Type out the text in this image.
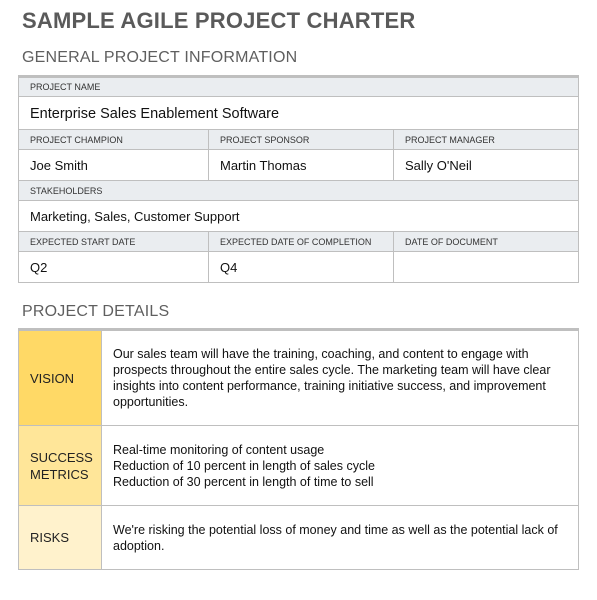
SAMPLE AGILE PROJECT CHARTER
GENERAL PROJECT INFORMATION
PROJECT NAME		
Enterprise Sales Enablement Software		
PROJECT CHAMPION	PROJECT SPONSOR	PROJECT MANAGER
Joe Smith	Martin Thomas	Sally O'Neil
STAKEHOLDERS		
Marketing, Sales, Customer Support		
EXPECTED START DATE	EXPECTED DATE OF COMPLETION	DATE OF DOCUMENT
Q2	Q4	
PROJECT DETAILS
VISION	Our sales team will have the training, coaching, and content to engage with prospects throughout the entire sales cycle. The marketing team will have clear insights into content performance, training initiative success, and improvement opportunities.
SUCCESS METRICS	Real-time monitoring of content usage
Reduction of 10 percent in length of sales cycle
Reduction of 30 percent in length of time to sell

RISKS	We're risking the potential loss of money and time as well as the potential lack of adoption.
